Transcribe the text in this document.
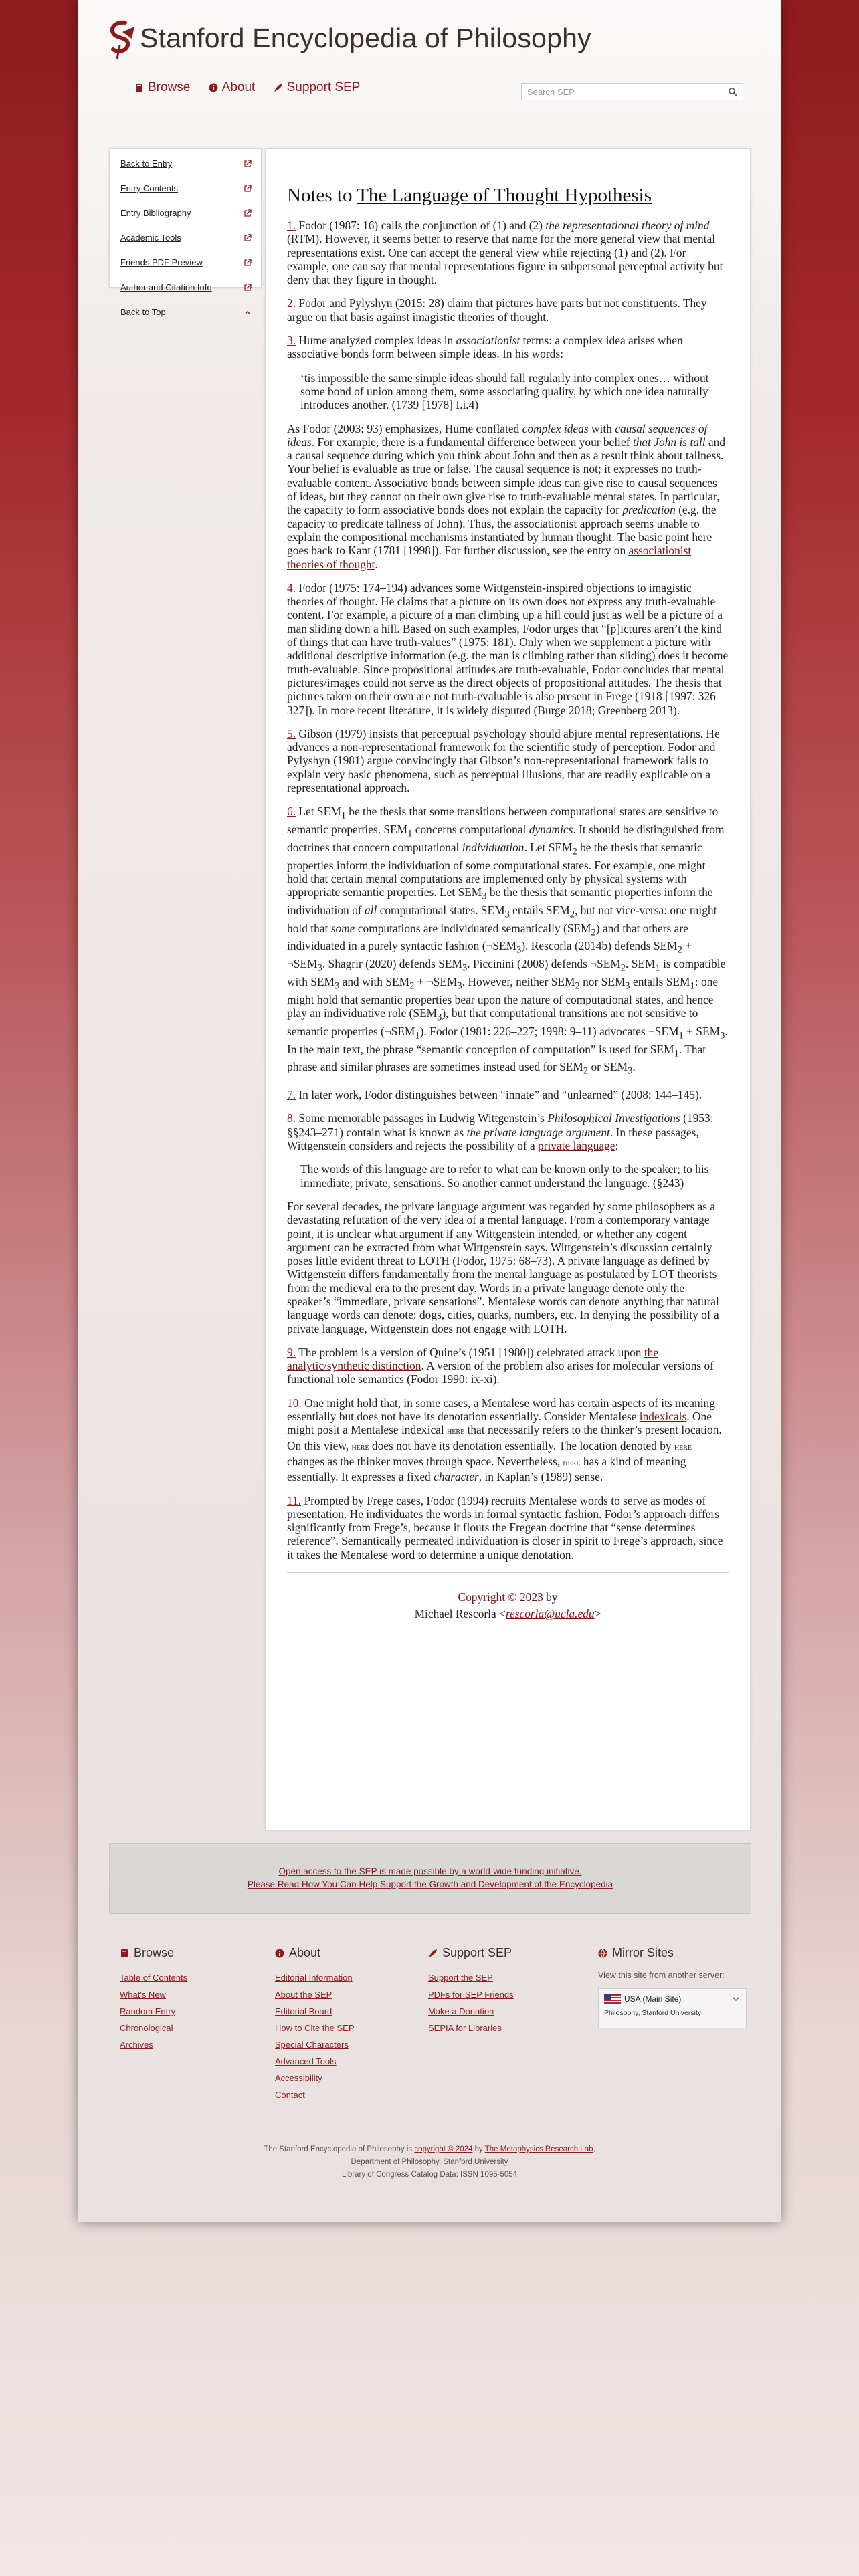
Stanford Encyclopedia of Philosophy
Browse
About
Support SEP	Search SEP
Back to Entry
Entry Contents
Entry Bibliography
Academic Tools
Friends PDF Preview
Author and Citation Info
Back to Top
Notes to The Language of Thought Hypothesis

1. Fodor (1987: 16) calls the conjunction of (1) and (2) the representational theory of mind (RTM). However, it seems better to reserve that name for the more general view that mental representations exist. One can accept the general view while rejecting (1) and (2). For example, one can say that mental representations figure in subpersonal perceptual activity but deny that they figure in thought.

2. Fodor and Pylyshyn (2015: 28) claim that pictures have parts but not constituents. They argue on that basis against imagistic theories of thought.

3. Hume analyzed complex ideas in associationist terms: a complex idea arises when associative bonds form between simple ideas. In his words:

‘tis impossible the same simple ideas should fall regularly into complex ones… without some bond of union among them, some associating quality, by which one idea naturally introduces another. (1739 [1978] I.i.4)

As Fodor (2003: 93) emphasizes, Hume conflated complex ideas with causal sequences of ideas. For example, there is a fundamental difference between your belief that John is tall and a causal sequence during which you think about John and then as a result think about tallness. Your belief is evaluable as true or false. The causal sequence is not; it expresses no truth-evaluable content. Associative bonds between simple ideas can give rise to causal sequences of ideas, but they cannot on their own give rise to truth-evaluable mental states. In particular, the capacity to form associative bonds does not explain the capacity for predication (e.g. the capacity to predicate tallness of John). Thus, the associationist approach seems unable to explain the compositional mechanisms instantiated by human thought. The basic point here goes back to Kant (1781 [1998]). For further discussion, see the entry on associationist theories of thought.

4. Fodor (1975: 174–194) advances some Wittgenstein-inspired objections to imagistic theories of thought. He claims that a picture on its own does not express any truth-evaluable content. For example, a picture of a man climbing up a hill could just as well be a picture of a man sliding down a hill. Based on such examples, Fodor urges that “[p]ictures aren’t the kind of things that can have truth-values” (1975: 181). Only when we supplement a picture with additional descriptive information (e.g. the man is climbing rather than sliding) does it become truth-evaluable. Since propositional attitudes are truth-evaluable, Fodor concludes that mental pictures/images could not serve as the direct objects of propositional attitudes. The thesis that pictures taken on their own are not truth-evaluable is also present in Frege (1918 [1997: 326–327]). In more recent literature, it is widely disputed (Burge 2018; Greenberg 2013).

5. Gibson (1979) insists that perceptual psychology should abjure mental representations. He advances a non-representational framework for the scientific study of perception. Fodor and Pylyshyn (1981) argue convincingly that Gibson’s non-representational framework fails to explain very basic phenomena, such as perceptual illusions, that are readily explicable on a representational approach.

6. Let $SEM_1$ be the thesis that some transitions between computational states are sensitive to semantic properties. $SEM_1$ concerns computational dynamics. It should be distinguished from doctrines that concern computational individuation. Let $SEM_2$ be the thesis that semantic properties inform the individuation of some computational states. For example, one might hold that certain mental computations are implemented only by physical systems with appropriate semantic properties. Let $SEM_3$ be the thesis that semantic properties inform the individuation of all computational states. $SEM_3$ entails $SEM_2$, but not vice-versa: one might hold that some computations are individuated semantically $(SEM_2)$ and that others are individuated in a purely syntactic fashion $(\neg SEM_3)$. Rescorla (2014b) defends $SEM_2$ + $\neg SEM_3$. Shagrir (2020) defends $SEM_3$. Piccinini (2008) defends $\neg SEM_2$. $SEM_1$ is compatible with $SEM_3$ and with $SEM_2$ + $\neg SEM_3$. However, neither $SEM_2$ nor $SEM_3$ entails $SEM_1$: one might hold that semantic properties bear upon the nature of computational states, and hence play an individuative role $(SEM_3)$, but that computational transitions are not sensitive to semantic properties $(\neg SEM_1)$. Fodor (1981: 226–227; 1998: 9–11) advocates $\neg SEM_1 + SEM_3$. In the main text, the phrase “semantic conception of computation” is used for $SEM_1$. That phrase and similar phrases are sometimes instead used for $SEM_2$ or $SEM_3$.

7. In later work, Fodor distinguishes between “innate” and “unlearned” (2008: 144–145).

8. Some memorable passages in Ludwig Wittgenstein’s Philosophical Investigations (1953: §§243–271) contain what is known as the private language argument. In these passages, Wittgenstein considers and rejects the possibility of a private language:

The words of this language are to refer to what can be known only to the speaker; to his immediate, private, sensations. So another cannot understand the language. (§243)

For several decades, the private language argument was regarded by some philosophers as a devastating refutation of the very idea of a mental language. From a contemporary vantage point, it is unclear what argument if any Wittgenstein intended, or whether any cogent argument can be extracted from what Wittgenstein says. Wittgenstein’s discussion certainly poses little evident threat to LOTH (Fodor, 1975: 68–73). A private language as defined by Wittgenstein differs fundamentally from the mental language as postulated by LOT theorists from the medieval era to the present day. Words in a private language denote only the speaker’s “immediate, private sensations”. Mentalese words can denote anything that natural language words can denote: dogs, cities, quarks, numbers, etc. In denying the possibility of a private language, Wittgenstein does not engage with LOTH.

9. The problem is a version of Quine’s (1951 [1980]) celebrated attack upon the analytic/synthetic distinction. A version of the problem also arises for molecular versions of functional role semantics (Fodor 1990: ix-xi).

10. One might hold that, in some cases, a Mentalese word has certain aspects of its meaning essentially but does not have its denotation essentially. Consider Mentalese indexicals. One might posit a Mentalese indexical here that necessarily refers to the thinker’s present location. On this view, here does not have its denotation essentially. The location denoted by here changes as the thinker moves through space. Nevertheless, here has a kind of meaning essentially. It expresses a fixed character, in Kaplan’s (1989) sense.

11. Prompted by Frege cases, Fodor (1994) recruits Mentalese words to serve as modes of presentation. He individuates the words in formal syntactic fashion. Fodor’s approach differs significantly from Frege’s, because it flouts the Fregean doctrine that “sense determines reference”. Semantically permeated individuation is closer in spirit to Frege’s approach, since it takes the Mentalese word to determine a unique denotation.

Copyright © 2023 by
Michael Rescorla <rescorla@ucla.edu>
Open access to the SEP is made possible by a world-wide funding initiative.
Please Read How You Can Help Support the Growth and Development of the Encyclopedia
Browse
Table of Contents
What's New
Random Entry
Chronological
Archives
About
Editorial Information
About the SEP
Editorial Board
How to Cite the SEP
Special Characters
Advanced Tools
Accessibility
Contact
Support SEP
Support the SEP
PDFs for SEP Friends
Make a Donation
SEPIA for Libraries
Mirror Sites
View this site from another server:
USA (Main Site)
Philosophy, Stanford University
The Stanford Encyclopedia of Philosophy is copyright © 2024 by The Metaphysics Research Lab,
Department of Philosophy, Stanford University
Library of Congress Catalog Data: ISSN 1095-5054
